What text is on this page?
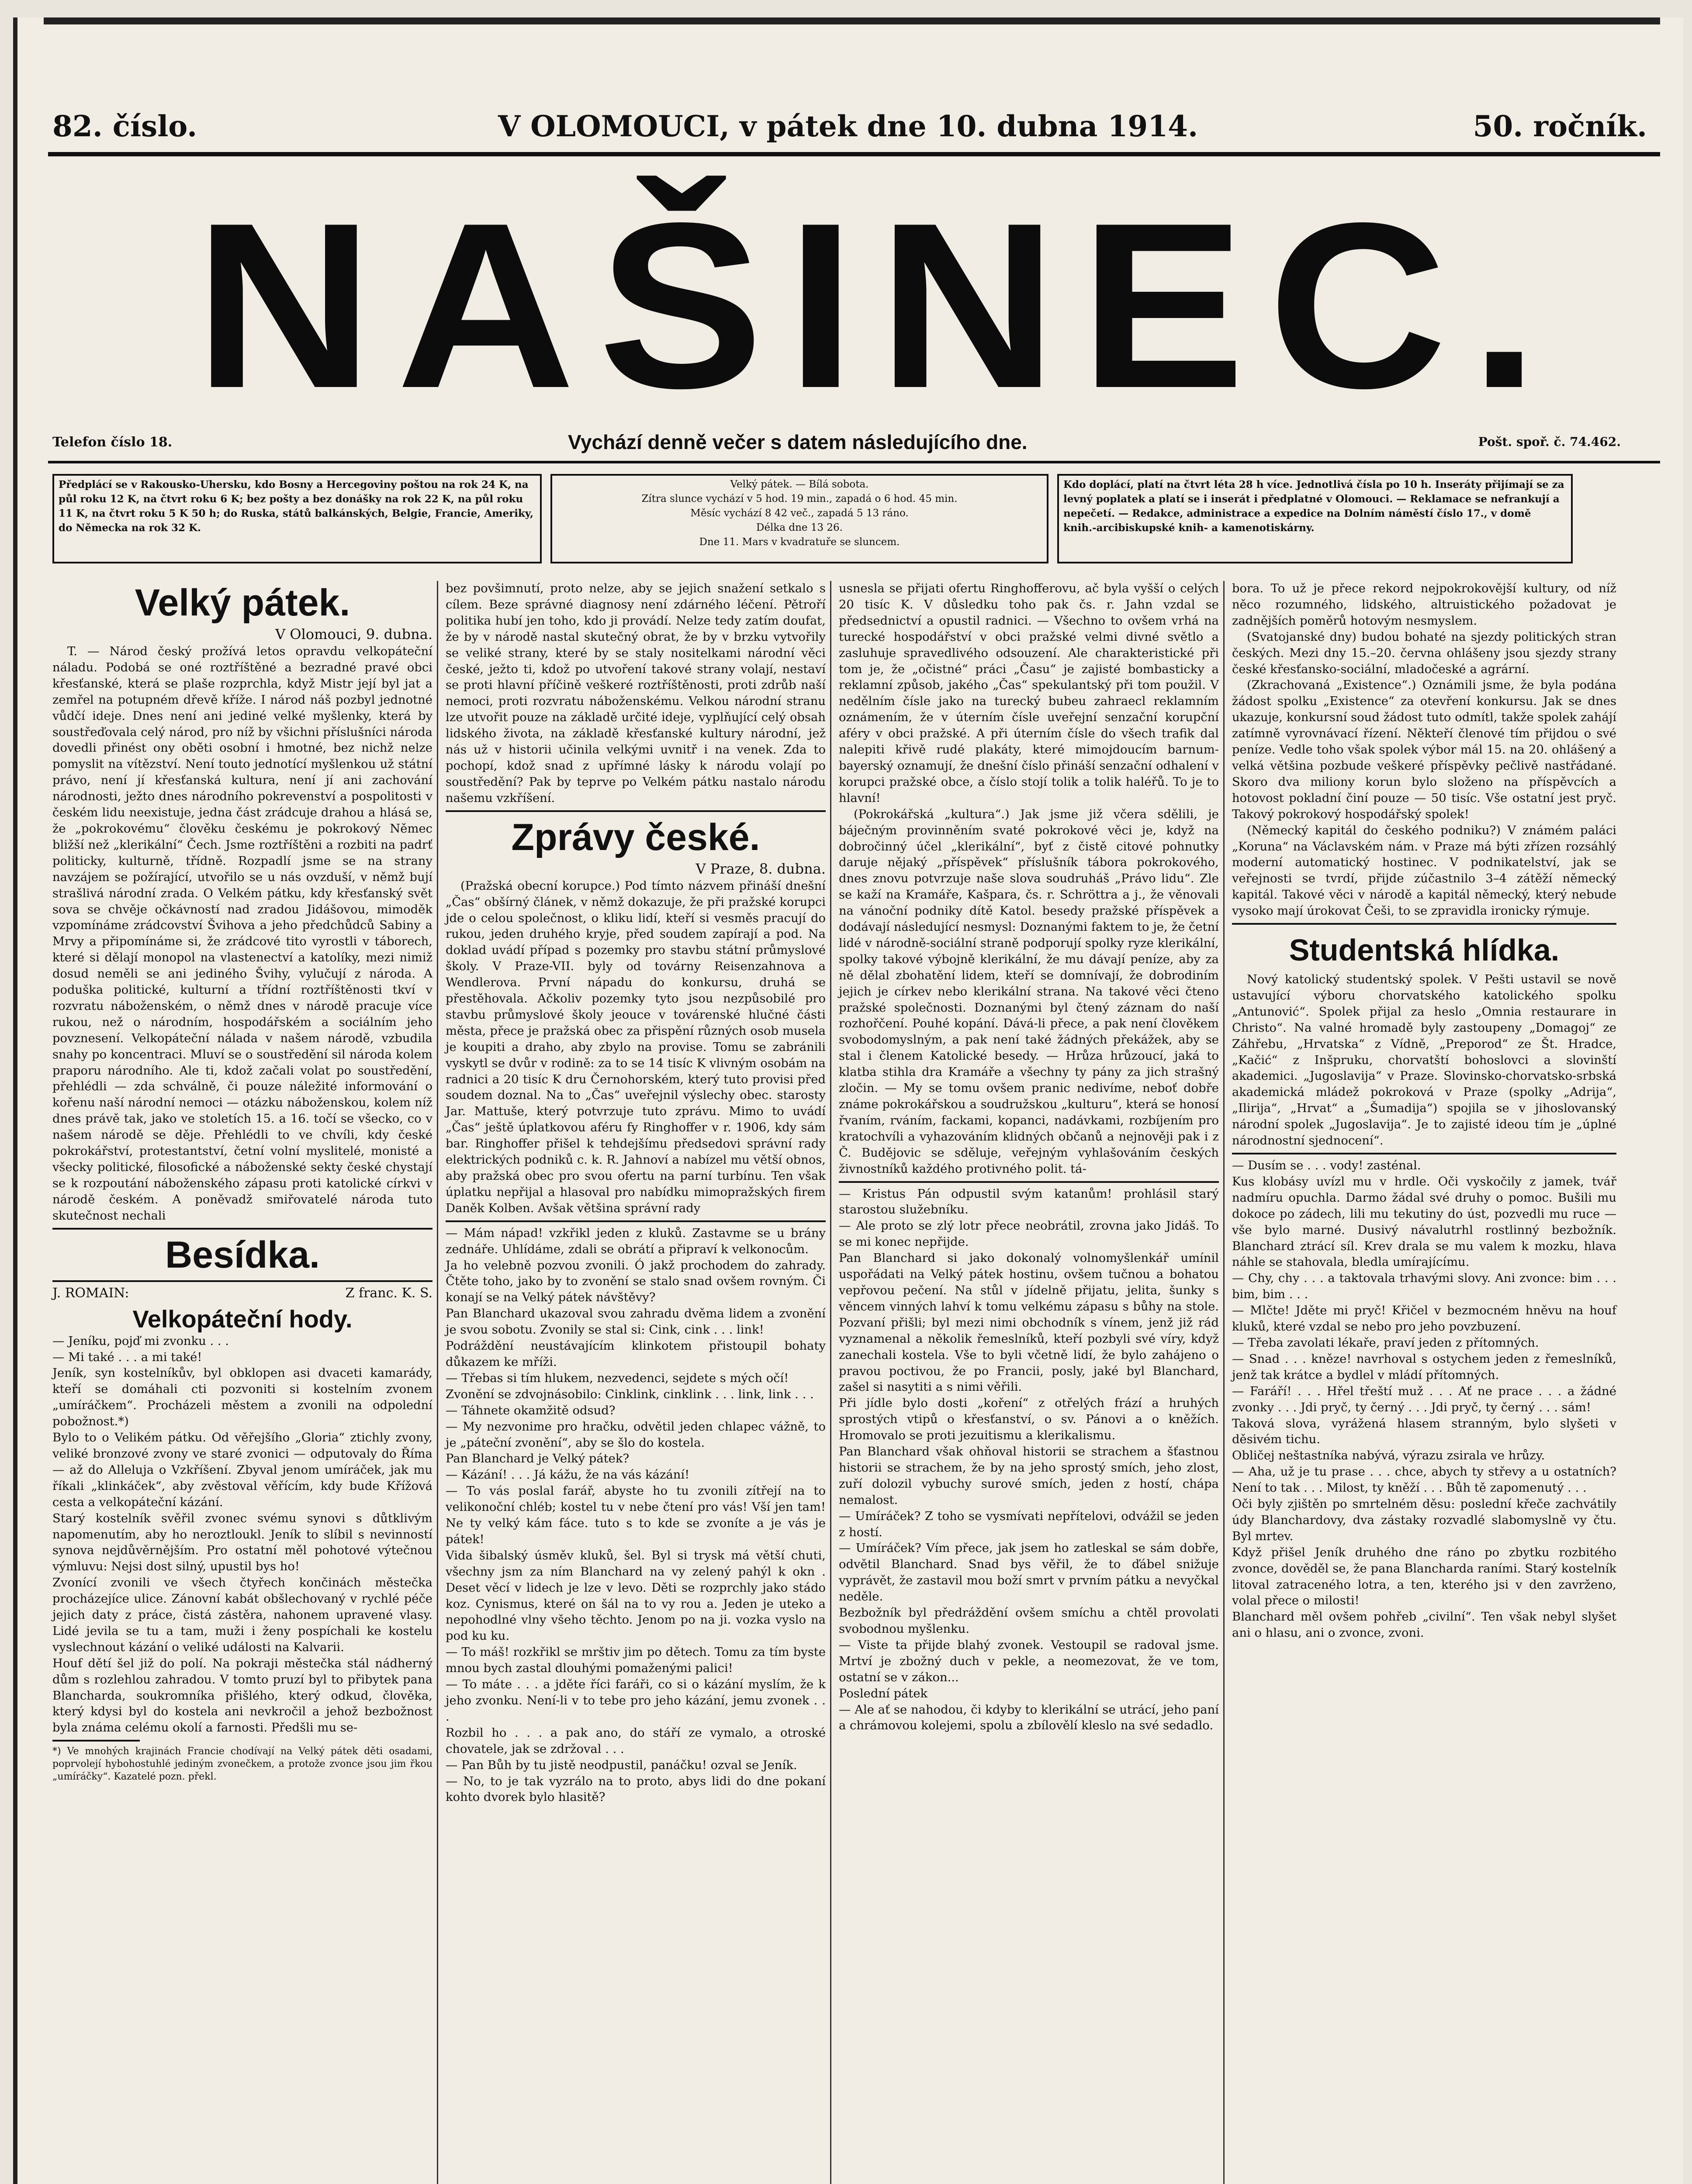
82. číslo.	V OLOMOUCI, v pátek dne 10. dubna 1914.	50. ročník.
NAŠINEC.
Telefon číslo 18.	Vychází denně večer s datem následujícího dne.	Pošt. spoř. č. 74.462.
Předplácí se v Rakousko-Uhersku, kdo Bosny a Hercegoviny poštou na rok 24 K, na půl roku 12 K, na čtvrt roku 6 K; bez pošty a bez donášky na rok 22 K, na půl roku 11 K, na čtvrt roku 5 K 50 h; do Ruska, států balkánských, Belgie, Francie, Ameriky, do Německa na rok 32 K.
Velký pátek. — Bílá sobota.
Zítra slunce vychází v 5 hod. 19 min., zapadá o 6 hod. 45 min.
Měsíc vychází 8 42 več., zapadá 5 13 ráno.
Délka dne 13 26.
Dne 11. Mars v kvadratuře se sluncem.
Kdo doplácí, platí na čtvrt léta 28 h více. Jednotlivá čísla po 10 h. Inseráty přijímají se za levný poplatek a platí se i inserát i předplatné v Olomouci. — Reklamace se nefrankují a nepečetí. — Redakce, administrace a expedice na Dolním náměstí číslo 17., v domě knih.-arcibiskupské knih- a kamenotiskárny.
Velký pátek.
V Olomouci, 9. dubna.

T. — Národ český prožívá letos opravdu velkopáteční náladu. Podobá se oné roztříštěné a bezradné pravé obci křesťanské, která se plaše rozprchla, když Mistr její byl jat a zemřel na potupném dřevě kříže. I národ náš pozbyl jednotné vůdčí ideje. Dnes není ani jediné velké myšlenky, která by soustřeďovala celý národ, pro níž by všichni příslušníci národa dovedli přinést ony oběti osobní i hmotné, bez nichž nelze pomyslit na vítězství. Není touto jednotící myšlenkou už státní právo, není jí křesťanská kultura, není jí ani zachování národnosti, ježto dnes národního pokrevenství a pospolitosti v českém lidu neexistuje, jedna část zrádcuje drahou a hlásá se, že „pokrokovému“ člověku českému je pokrokový Němec bližší než „klerikální“ Čech. Jsme roztříštěni a rozbiti na padrť politicky, kulturně, třídně. Rozpadlí jsme se na strany navzájem se požírající, utvořilo se u nás ovzduší, v němž bují strašlivá národní zrada. O Velkém pátku, kdy křesťanský svět sova se chvěje očkávností nad zradou Jidášovou, mimoděk vzpomínáme zrádcovství Švihova a jeho předchůdců Sabiny a Mrvy a připomínáme si, že zrádcové tito vyrostli v táborech, které si dělají monopol na vlastenectví a katolíky, mezi nimiž dosud neměli se ani jediného Švihy, vylučují z národa. A poduška politické, kulturní a třídní roztříštěnosti tkví v rozvratu náboženském, o němž dnes v národě pracuje více rukou, než o národním, hospodářském a sociálním jeho povznesení. Velkopáteční nálada v našem národě, vzbudila snahy po koncentraci. Mluví se o soustředění sil národa kolem praporu národního. Ale ti, kdož začali volat po soustředění, přehlédli — zda schválně, či pouze náležité informování o kořenu naší národní nemoci — otázku náboženskou, kolem níž dnes právě tak, jako ve stoletích 15. a 16. točí se všecko, co v našem národě se děje. Přehlédli to ve chvíli, kdy české pokrokářství, protestantství, četní volní myslitelé, monisté a všecky politické, filosofické a náboženské sekty české chystají se k rozpoutání náboženského zápasu proti katolické církvi v národě českém. A poněvadž smiřovatelé národa tuto skutečnost nechali

Besídka.
J. ROMAIN:	Z franc. K. S.
Velkopáteční hody.

— Jeníku, pojď mi zvonku . . .
— Mi také . . . a mi také!
Jeník, syn kostelníkův, byl obklopen asi dvaceti kamarády, kteří se domáhali cti pozvoniti si kostelním zvonem „umíráčkem“. Procházeli městem a zvonili na odpolední pobožnost.*)
Bylo to o Velikém pátku. Od věřejšího „Gloria“ ztichly zvony, veliké bronzové zvony ve staré zvonici — odputovaly do Říma — až do Alleluja o Vzkříšení. Zbyval jenom umíráček, jak mu říkali „klinkáček“, aby zvěstoval věřícím, kdy bude Křížová cesta a velkopáteční kázání.
Starý kostelník svěřil zvonec svému synovi s důtklivým napomenutím, aby ho neroztloukl. Jeník to slíbil s nevinností synova nejdůvěrnějším. Pro ostatní měl pohotové výtečnou výmluvu: Nejsi dost silný, upustil bys ho!
Zvonící zvonili ve všech čtyřech končinách městečka procházejíce ulice. Zánovní kabát obšlechovaný v rychlé péče jejich daty z práce, čistá zástěra, nahonem upravené vlasy. Lidé jevila se tu a tam, muži i ženy pospíchali ke kostelu vyslechnout kázání o veliké události na Kalvarii.
Houf dětí šel již do polí. Na pokraji městečka stál nádherný dům s rozlehlou zahradou. V tomto pruzí byl to přibytek pana Blancharda, soukromníka přišlého, který odkud, člověka, který kdysi byl do kostela ani nevkročil a jehož bezbožnost byla známa celému okolí a farnosti. Předšli mu se-

*) Ve mnohých krajinách Francie chodívají na Velký pátek děti osadami, poprvolejí hybohostuhlé jediným zvonečkem, a protože zvonce jsou jim řkou „umíráčky“. Kazatelé pozn. překl.

bez povšimnutí, proto nelze, aby se jejich snažení setkalo s cílem. Beze správné diagnosy není zdárného léčení. Pětroří politika hubí jen toho, kdo ji provádí. Nelze tedy zatím doufat, že by v národě nastal skutečný obrat, že by v brzku vytvořily se veliké strany, které by se staly nositelkami národní věci české, ježto ti, kdož po utvoření takové strany volají, nestaví se proti hlavní příčině veškeré roztříštěnosti, proti zdrůb naší nemoci, proti rozvratu náboženskému. Velkou národní stranu lze utvořit pouze na základě určité ideje, vyplňující celý obsah lidského života, na základě křesťanské kultury národní, jež nás už v historii učinila velkými uvnitř i na venek. Zda to pochopí, kdož snad z upřímné lásky k národu volají po soustředění? Pak by teprve po Velkém pátku nastalo národu našemu vzkříšení.

Zprávy české.
V Praze, 8. dubna.

(Pražská obecní korupce.) Pod tímto názvem přináší dnešní „Čas“ obšírný článek, v němž dokazuje, že při pražské korupci jde o celou společnost, o kliku lidí, kteří si vesměs pracují do rukou, jeden druhého kryje, před soudem zapírají a pod. Na doklad uvádí případ s pozemky pro stavbu státní průmyslové školy. V Praze-VII. byly od továrny Reisenzahnova a Wendlerova. První nápadu do konkursu, druhá se přestěhovala. Ačkoliv pozemky tyto jsou nezpůsobilé pro stavbu průmyslové školy jeouce v továrenské hlučné části města, přece je pražská obec za přispění různých osob musela je koupiti a draho, aby zbylo na provise. Tomu se zabránili vyskytl se dvůr v rodině: za to se 14 tisíc K vlivným osobám na radnici a 20 tisíc K dru Černohorském, který tuto provisi před soudem doznal. Na to „Čas“ uveřejnil výslechy obec. starosty Jar. Mattuše, který potvrzuje tuto zprávu. Mimo to uvádí „Čas“ ještě úplatkovou aféru fy Ringhoffer v r. 1906, kdy sám bar. Ringhoffer přišel k tehdejšímu předsedovi správní rady elektrických podniků c. k. R. Jahnoví a nabízel mu větší obnos, aby pražská obec pro svou ofertu na parní turbínu. Ten však úplatku nepřijal a hlasoval pro nabídku mimopražských firem Daněk Kolben. Avšak většina správní rady

— Mám nápad! vzkřikl jeden z kluků. Zastavme se u brány zednáře. Uhlídáme, zdali se obrátí a připraví k velkonocům.
Ja ho velebně pozvou zvonili. Ó jakž prochodem do zahrady. Čtěte toho, jako by to zvonění se stalo snad ovšem rovným. Či konají se na Velký pátek návštěvy?
Pan Blanchard ukazoval svou zahradu dvěma lidem a zvonění je svou sobotu. Zvonily se stal si: Cink, cink . . . link!
Podráždění neustávajícím klinkotem přistoupil bohaty důkazem ke mříži.
— Třebas si tím hlukem, nezvedenci, sejdete s mých očí!
Zvonění se zdvojnásobilo: Cinklink, cinklink . . . link, link . . .
— Táhnete okamžitě odsud?
— My nezvonime pro hračku, odvětil jeden chlapec vážně, to je „páteční zvonění“, aby se šlo do kostela.
Pan Blanchard je Velký pátek?
— Kázání! . . . Já kážu, že na vás kázání!
— To vás poslal farář, abyste ho tu zvonili zítřejí na to velikonoční chléb; kostel tu v nebe čtení pro vás! Vší jen tam! Ne ty velký kám fáce. tuto s to kde se zvoníte a je vás je pátek!
Vida šibalský úsměv kluků, šel. Byl si trysk má větší chuti, všechny jsm za ním Blanchard na vy zelený pahýl k okn . Deset věcí v lidech je lze v levo. Děti se rozprchly jako stádo koz. Cynismus, které on šál na to vy rou a. Jeden je uteko a nepohodlné vlny všeho těchto. Jenom po na ji. vozka vyslo na pod ku ku.
— To máš! rozkřikl se mrštiv jim po dětech. Tomu za tím byste mnou bych zastal dlouhými pomaženými palici!
— To máte . . . a jděte říci faráři, co si o kázání myslím, že k jeho zvonku. Není-li v to tebe pro jeho kázání, jemu zvonek . . .
Rozbil ho . . . a pak ano, do stáří ze vymalo, a otroské chovatele, jak se zdržoval . . .
— Pan Bůh by tu jistě neodpustil, panáčku! ozval se Jeník.
— No, to je tak vyzrálo na to proto, abys lidi do dne pokaní kohto dvorek bylo hlasitě?

usnesla se přijati ofertu Ringhofferovu, ač byla vyšší o celých 20 tisíc K. V důsledku toho pak čs. r. Jahn vzdal se předsednictví a opustil radnici. — Všechno to ovšem vrhá na turecké hospodářství v obci pražské velmi divné světlo a zasluhuje spravedlivého odsouzení. Ale charakteristické při tom je, že „očistné“ práci „Času“ je zajisté bombasticky a reklamní způsob, jakého „Čas“ spekulantský při tom použil. V nedělním čísle jako na turecký bubeu zahraecl reklamním oznámením, že v úterním čísle uveřejní senzační korupční aféry v obci pražské. A při úterním čísle do všech trafik dal nalepiti křivě rudé plakáty, které mimojdoucím barnum-bayerský oznamují, že dnešní číslo přináší senzační odhalení v korupci pražské obce, a číslo stojí tolik a tolik haléřů. To je to hlavní!

(Pokrokářská „kultura“.) Jak jsme již včera sdělili, je báječným provinněním svaté pokrokové věci je, když na dobročinný účel „klerikální“, byť z čistě citové pohnutky daruje nějaký „příspěvek“ příslušník tábora pokrokového, dnes znovu potvrzuje naše slova soudruháš „Právo lidu“. Zle se kaží na Kramáře, Kašpara, čs. r. Schröttra a j., že věnovali na vánoční podniky dítě Katol. besedy pražské příspěvek a dodávají následující nesmysl: Doznanými faktem to je, že četní lidé v národně-sociální straně podporují spolky ryze klerikální, spolky takové výbojně klerikální, že mu dávají peníze, aby za ně dělal zbohatění lidem, kteří se domnívají, že dobrodiním jejich je církev nebo klerikální strana. Na takové věci čteno pražské společnosti. Doznanými byl čtený záznam do naší rozhořčení. Pouhé kopání. Dává-li přece, a pak není člověkem svobodomyslným, a pak není také žádných překážek, aby se stal i členem Katolické besedy. — Hrůza hrůzoucí, jaká to klatba stihla dra Kramáře a všechny ty pány za jich strašný zločin. — My se tomu ovšem pranic nedivíme, neboť dobře známe pokrokářskou a soudružskou „kulturu“, která se honosí řvaním, rváním, fackami, kopanci, nadávkami, rozbíjením pro kratochvíli a vyhazováním klidných občanů a nejnověji pak i z Č. Budějovic se sděluje, veřejným vyhlašováním českých živnostníků každého protivného polit. tá-

— Kristus Pán odpustil svým katanům! prohlásil starý starostou služebníku.
— Ale proto se zlý lotr přece neobrátil, zrovna jako Jidáš. To se mi konec nepřijde.
Pan Blanchard si jako dokonalý volnomyšlenkář umínil uspořádati na Velký pátek hostinu, ovšem tučnou a bohatou vepřovou pečení. Na stůl v jídelně přijatu, jelita, šunky s věncem vinných lahví k tomu velkému zápasu s bůhy na stole. Pozvaní přišli; byl mezi nimi obchodník s vínem, jenž již rád vyznamenal a několik řemeslníků, kteří pozbyli své víry, když zanechali kostela. Vše to byli včetně lidí, že bylo zahájeno o pravou poctivou, že po Francii, posly, jaké byl Blanchard, zašel si nasytiti a s nimi věřili.
Při jídle bylo dosti „koření“ z otřelých frází a hruhých sprostých vtipů o křesťanství, o sv. Pánovi a o kněžích. Hromovalo se proti jezuitismu a klerikalismu.
Pan Blanchard však ohňoval historii se strachem a šťastnou historii se strachem, že by na jeho sprostý smích, jeho zlost, zuří dolozil vybuchy surové smích, jeden z hostí, chápa nemalost.
— Umíráček? Z toho se vysmívati nepřítelovi, odvážil se jeden z hostí.
— Umíráček? Vím přece, jak jsem ho zatleskal se sám dobře, odvětil Blanchard. Snad bys věřil, že to ďábel snižuje vyprávět, že zastavil mou boží smrt v prvním pátku a nevyčkal neděle.
Bezbožník byl předráždění ovšem smíchu a chtěl provolati svobodnou myšlenku.
— Viste ta přijde blahý zvonek. Vestoupil se radoval jsme. Mrtví je zbožný duch v pekle, a neomezovat, že ve tom, ostatní se v zákon...
Poslední pátek
— Ale ať se nahodou, či kdyby to klerikální se utrácí, jeho paní a chrámovou kolejemi, spolu a zbílovělí kleslo na své sedadlo.

bora. To už je přece rekord nejpokrokovější kultury, od níž něco rozumného, lidského, altruistického požadovat je zadnějších poměrů hotovým nesmyslem.

(Svatojanské dny) budou bohaté na sjezdy politických stran českých. Mezi dny 15.–20. června ohlášeny jsou sjezdy strany české křesťansko-sociální, mladočeské a agrární.

(Zkrachovaná „Existence“.) Oznámili jsme, že byla podána žádost spolku „Existence“ za otevření konkursu. Jak se dnes ukazuje, konkursní soud žádost tuto odmítl, takže spolek zahájí zatímně vyrovnávací řízení. Někteří členové tím přijdou o své peníze. Vedle toho však spolek výbor mál 15. na 20. ohlášený a velká většina pozbude veškeré příspěvky pečlivě nastřádané. Skoro dva miliony korun bylo složeno na příspěvcích a hotovost pokladní činí pouze — 50 tisíc. Vše ostatní jest pryč. Takový pokrokový hospodářský spolek!

(Německý kapitál do českého podniku?) V známém paláci „Koruna“ na Václavském nám. v Praze má býti zřízen rozsáhlý moderní automatický hostinec. V podnikatelství, jak se veřejnosti se tvrdí, přijde zúčastnilo 3–4 zátěží německý kapitál. Takové věci v národě a kapitál německý, který nebude vysoko mají úrokovat Češi, to se zpravidla ironicky rýmuje.

Studentská hlídka.

Nový katolický studentský spolek. V Pešti ustavil se nově ustavující výboru chorvatského katolického spolku „Antunović“. Spolek přijal za heslo „Omnia restaurare in Christo“. Na valné hromadě byly zastoupeny „Domagoj“ ze Záhřebu, „Hrvatska“ z Vídně, „Preporod“ ze Št. Hradce, „Kačić“ z Inšpruku, chorvatští bohoslovci a slovinští akademici. „Jugoslavija“ v Praze. Slovinsko-chorvatsko-srbská akademická mládež pokroková v Praze (spolky „Adrija“, „Ilirija“, „Hrvat“ a „Šumadija“) spojila se v jihoslovanský národní spolek „Jugoslavija“. Je to zajisté ideou tím je „úplné národnostní sjednocení“.

— Dusím se . . . vody! zasténal.
Kus klobásy uvízl mu v hrdle. Oči vyskočily z jamek, tvář nadmíru opuchla. Darmo žádal své druhy o pomoc. Bušili mu dokoce po zádech, lili mu tekutiny do úst, pozvedli mu ruce — vše bylo marné. Dusivý návalutrhl rostlinný bezbožník. Blanchard ztrácí síl. Krev drala se mu valem k mozku, hlava náhle se stahovala, bledla umírajícímu.
— Chy, chy . . . a taktovala trhavými slovy. Ani zvonce: bim . . . bim, bim . . .
— Mlčte! Jděte mi pryč! Křičel v bezmocném hněvu na houf kluků, které vzdal se nebo pro jeho povzbuzení.
— Třeba zavolati lékaře, praví jeden z přítomných.
— Snad . . . kněze! navrhoval s ostychem jeden z řemeslníků, jenž tak krátce a bydlel v mládí přítomných.
— Faráří! . . . Hřel třeští muž . . . Ať ne prace . . . a žádné zvonky . . . Jdi pryč, ty černý . . . Jdi pryč, ty černý . . . sám!
Taková slova, vyrážená hlasem stranným, bylo slyšeti v děsivém tichu.
Obličej neštastníka nabývá, výrazu zsirala ve hrůzy.
— Aha, už je tu prase . . . chce, abych ty střevy a u ostatních? Není to tak . . . Milost, ty kněží . . . Bůh tě zapomenutý . . .
Oči byly zjištěn po smrtelném děsu: poslední křeče zachvátily údy Blanchardovy, dva zástaky rozvadlé slabomyslně vy čtu. Byl mrtev.
Když přišel Jeník druhého dne ráno po zbytku rozbitého zvonce, dověděl se, že pana Blancharda raními. Starý kostelník litoval zatraceného lotra, a ten, kterého jsi v den zavrženo, volal přece o milosti!
Blanchard měl ovšem pohřeb „civilní“. Ten však nebyl slyšet ani o hlasu, ani o zvonce, zvoni.
